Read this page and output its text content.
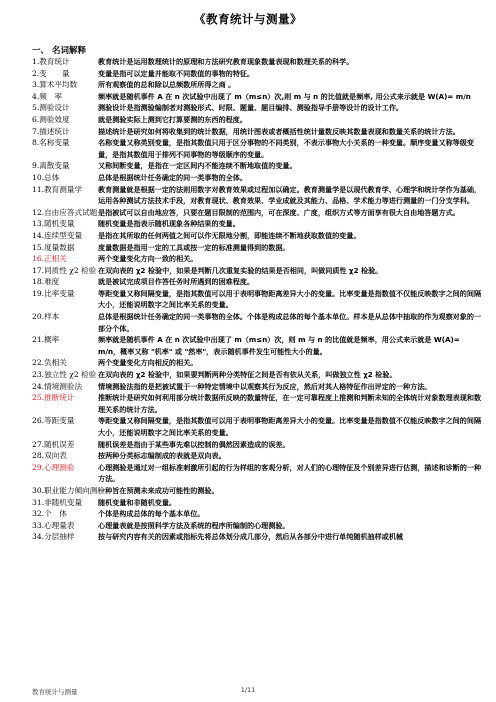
《教育统计与测量》
一、 名词解释
1.教育统计	教育统计是运用数理统计的原理和方法研究教育现象数量表现和数理关系的科学。
2.变　　量	变量是指可以定量并能取不同数值的事物的特征。
3.算术平均数	所有观察值的总和除以总频数所所得之商 。
4.频　率	频率就是随机事件 A 在 n 次试验中出现了 m（m≤n）次,则 m 与 n 的比值就是频率, 用公式来示就是 W(A)= m/n
5.测验设计	测验设计是指测验编制者对测验形式、时限、题量、题目编排、测验指导手册等设计的设计工作。
6.测验效度	就是测验实际上测到它打算要测的东西的程度。
7.描述统计	描述统计是研究如何将收集到的统计数据，用统计图表或者概括性统计量数反映其数量表现和数量关系的统计方法。
8.名称变量	名称变量又称类别变量，是指其数值只用于区分事物的不同类别，不表示事物大小关系的一种变量。顺序变量又称等级变量，是指其数值用于排列不同事物的等级顺序的变量。
9.离散变量	又称间断变量，是指在一定区间内不能连续不断地取值的变量。
10.总体	总体是根据统计任务确定的同一类事物的全体。
11.教育测量学	教育测量就是根据一定的法则用数字对教育效果或过程加以确定。教育测量学是以现代教育学、心理学和统计学作为基础，运用各种测试方法技术手段，对教育现状、教育效果、学业成就及其能力、品格、学术能力等进行测量的一门分支学科。
12.自由应答式试题 是指被试可以自由地应答，只要在题目限制的范围内，可在深度、广度，组织方式等方面享有很大自由地答题方式。
13.随机变量	随机变量是指表示随机现象各种结果的变量。
14.连续型变量	是指在其所取的任何两值之间可以作无限地分割，即能连续不断地获取数值的变量。
15.度量数据	度量数据是指用一定的工具或按一定的标准测量得到的数据。
16.正相关	两个变量变化方向一致的相关。
17.同质性 χ2 检验 在双向表的 χ2 检验中，如果是判断几次重复实验的结果是否相同，叫做同质性 χ2 检验。
18.难度	就是被试完成项目作答任务时所遇到的困难程度。
19.比率变量	等距变量又称间隔变量，是指其数值可以用于表明事物距离差异大小的变量。比率变量是指数值不仅能反映数字之间的间隔大小，还能说明数字之间比率关系的变量。
20.样本	总体是根据统计任务确定的同一类事物的全体。个体是构成总体的每个基本单位。样本是从总体中抽取的作为观察对象的一部分个体。
21.概率	频率就是随机事件 A 在 n 次试验中出现了 m（m≤n）次，则 m 与 n 的比值就是频率，用公式来示就是 W(A)= m/n，概率又称 "机率" 或 "然率"，表示随机事件发生可能性大小的量。
22.负相关	两个变量变化方向相反的相关。
23.独立性 χ2 检验 在双向表的 χ2 检验中，如果要判断两种分类特征之间是否有依从关系，叫做独立性 χ2 检验。
24.情境测验法	情境测验法指的是把被试置于一种特定情境中以观察其行为反应，然后对其人格特征作出评定的一种方法。
25.推断统计	推断统计是研究如何利用部分统计数据所反映的数量特征，在一定可靠程度上推测和判断未知的全体统计对象数理表现和数理关系的统计方法。
26.等距变量	等距变量又称间隔变量，是指其数值可以用于表明事物距离差异大小的变量。比率变量是指数值不仅能反映数字之间的间隔大小，还能说明数字之间比率关系的变量。
27.随机误差	随机误差是指由于某些事先难以控制的偶然因素造成的误差。
28.双向表	按两种分类标志编制成的表就是双向表。
29.心理测验	心理测验是通过对一组标准刺激所引起的行为样组的客观分析，对人们的心理特征及个别差异进行估测，描述和诊断的一种方法。
30.职业能力倾向测验
一种旨在预测未来成功可能性的测验。
31.非随机变量	随机变量和非随机变量。
32.个　体	个体是构成总体的每个基本单位。
33.心理量表	心理量表就是按照科学方法及系统的程序所编制的心理测验。
34.分层抽样	按与研究内容有关的因素或指标先将总体划分成几部分，然后从各部分中进行单纯随机抽样或机械
教育统计与测量	1/11
